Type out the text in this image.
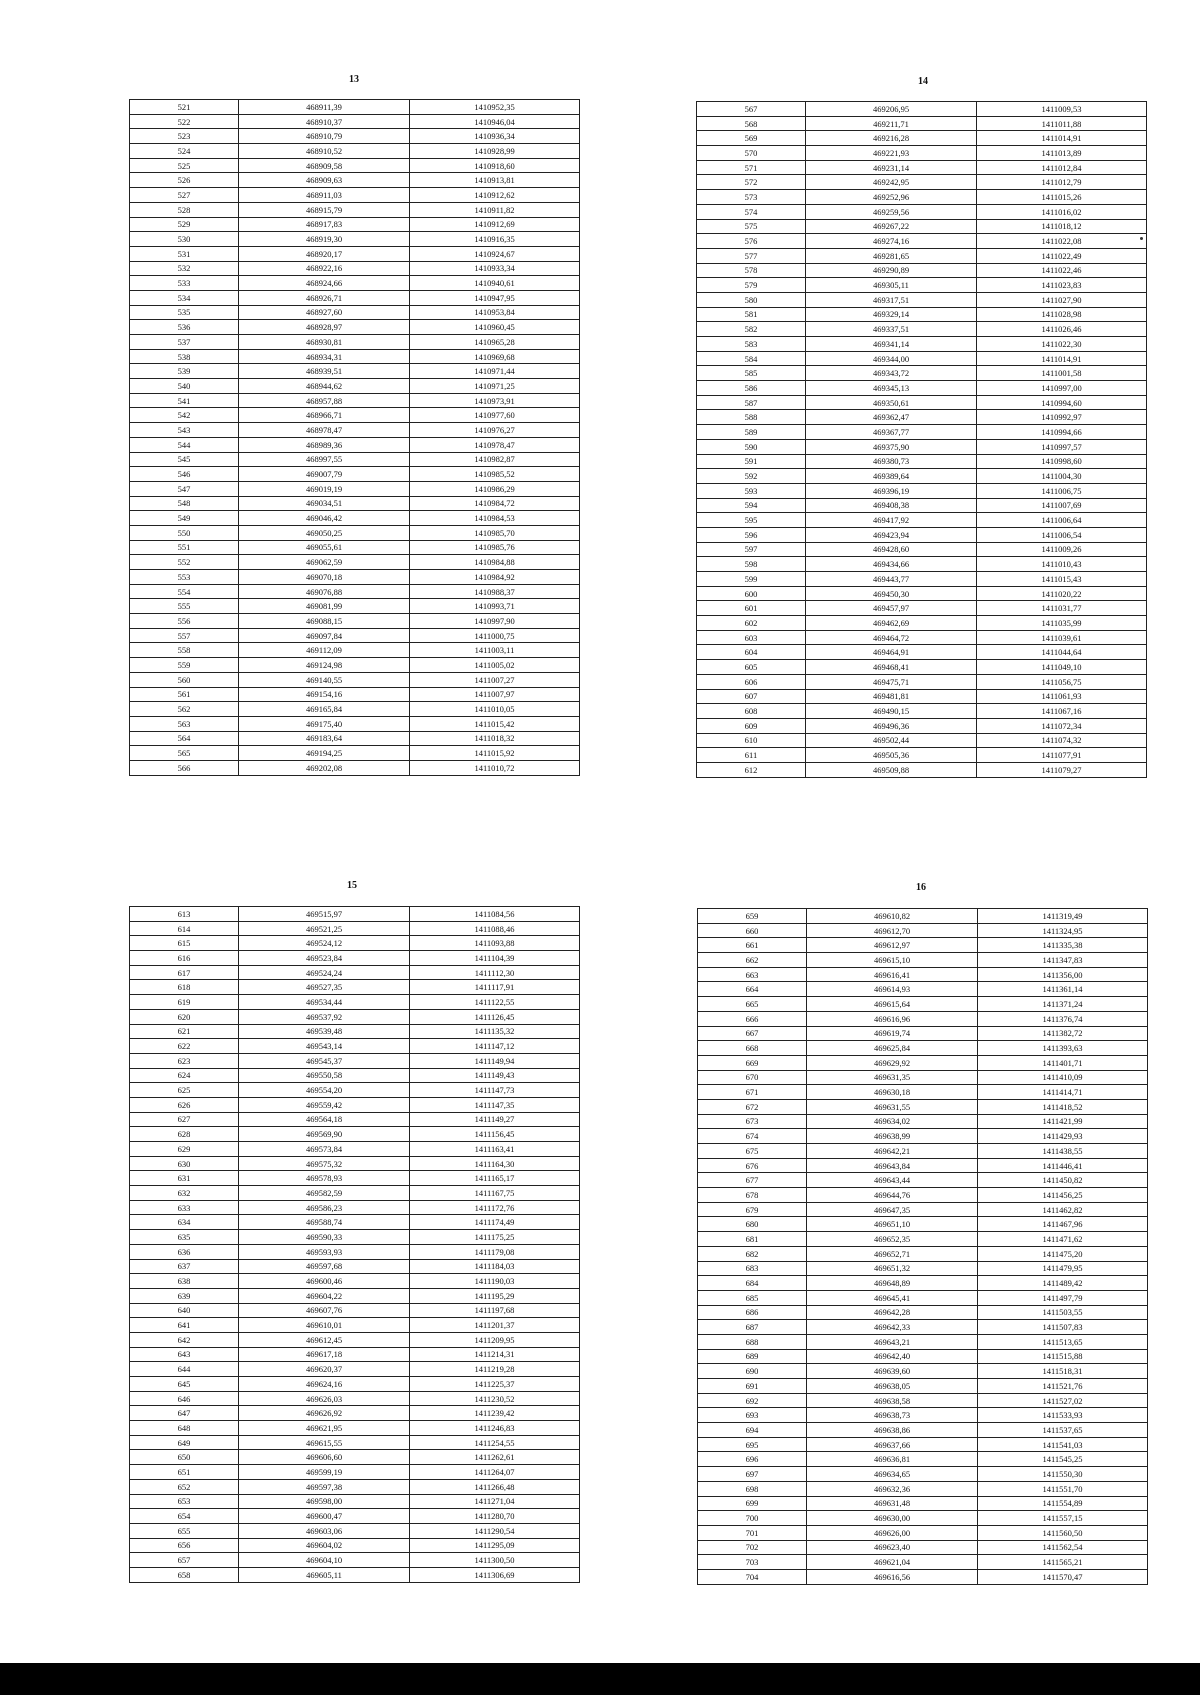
13
521	468911,39	1410952,35
522	468910,37	1410946,04
523	468910,79	1410936,34
524	468910,52	1410928,99
525	468909,58	1410918,60
526	468909,63	1410913,81
527	468911,03	1410912,62
528	468915,79	1410911,82
529	468917,83	1410912,69
530	468919,30	1410916,35
531	468920,17	1410924,67
532	468922,16	1410933,34
533	468924,66	1410940,61
534	468926,71	1410947,95
535	468927,60	1410953,84
536	468928,97	1410960,45
537	468930,81	1410965,28
538	468934,31	1410969,68
539	468939,51	1410971,44
540	468944,62	1410971,25
541	468957,88	1410973,91
542	468966,71	1410977,60
543	468978,47	1410976,27
544	468989,36	1410978,47
545	468997,55	1410982,87
546	469007,79	1410985,52
547	469019,19	1410986,29
548	469034,51	1410984,72
549	469046,42	1410984,53
550	469050,25	1410985,70
551	469055,61	1410985,76
552	469062,59	1410984,88
553	469070,18	1410984,92
554	469076,88	1410988,37
555	469081,99	1410993,71
556	469088,15	1410997,90
557	469097,84	1411000,75
558	469112,09	1411003,11
559	469124,98	1411005,02
560	469140,55	1411007,27
561	469154,16	1411007,97
562	469165,84	1411010,05
563	469175,40	1411015,42
564	469183,64	1411018,32
565	469194,25	1411015,92
566	469202,08	1411010,72
14
567	469206,95	1411009,53
568	469211,71	1411011,88
569	469216,28	1411014,91
570	469221,93	1411013,89
571	469231,14	1411012,84
572	469242,95	1411012,79
573	469252,96	1411015,26
574	469259,56	1411016,02
575	469267,22	1411018,12
576	469274,16	1411022,08
577	469281,65	1411022,49
578	469290,89	1411022,46
579	469305,11	1411023,83
580	469317,51	1411027,90
581	469329,14	1411028,98
582	469337,51	1411026,46
583	469341,14	1411022,30
584	469344,00	1411014,91
585	469343,72	1411001,58
586	469345,13	1410997,00
587	469350,61	1410994,60
588	469362,47	1410992,97
589	469367,77	1410994,66
590	469375,90	1410997,57
591	469380,73	1410998,60
592	469389,64	1411004,30
593	469396,19	1411006,75
594	469408,38	1411007,69
595	469417,92	1411006,64
596	469423,94	1411006,54
597	469428,60	1411009,26
598	469434,66	1411010,43
599	469443,77	1411015,43
600	469450,30	1411020,22
601	469457,97	1411031,77
602	469462,69	1411035,99
603	469464,72	1411039,61
604	469464,91	1411044,64
605	469468,41	1411049,10
606	469475,71	1411056,75
607	469481,81	1411061,93
608	469490,15	1411067,16
609	469496,36	1411072,34
610	469502,44	1411074,32
611	469505,36	1411077,91
612	469509,88	1411079,27
15
613	469515,97	1411084,56
614	469521,25	1411088,46
615	469524,12	1411093,88
616	469523,84	1411104,39
617	469524,24	1411112,30
618	469527,35	1411117,91
619	469534,44	1411122,55
620	469537,92	1411126,45
621	469539,48	1411135,32
622	469543,14	1411147,12
623	469545,37	1411149,94
624	469550,58	1411149,43
625	469554,20	1411147,73
626	469559,42	1411147,35
627	469564,18	1411149,27
628	469569,90	1411156,45
629	469573,84	1411163,41
630	469575,32	1411164,30
631	469578,93	1411165,17
632	469582,59	1411167,75
633	469586,23	1411172,76
634	469588,74	1411174,49
635	469590,33	1411175,25
636	469593,93	1411179,08
637	469597,68	1411184,03
638	469600,46	1411190,03
639	469604,22	1411195,29
640	469607,76	1411197,68
641	469610,01	1411201,37
642	469612,45	1411209,95
643	469617,18	1411214,31
644	469620,37	1411219,28
645	469624,16	1411225,37
646	469626,03	1411230,52
647	469626,92	1411239,42
648	469621,95	1411246,83
649	469615,55	1411254,55
650	469606,60	1411262,61
651	469599,19	1411264,07
652	469597,38	1411266,48
653	469598,00	1411271,04
654	469600,47	1411280,70
655	469603,06	1411290,54
656	469604,02	1411295,09
657	469604,10	1411300,50
658	469605,11	1411306,69
16
659	469610,82	1411319,49
660	469612,70	1411324,95
661	469612,97	1411335,38
662	469615,10	1411347,83
663	469616,41	1411356,00
664	469614,93	1411361,14
665	469615,64	1411371,24
666	469616,96	1411376,74
667	469619,74	1411382,72
668	469625,84	1411393,63
669	469629,92	1411401,71
670	469631,35	1411410,09
671	469630,18	1411414,71
672	469631,55	1411418,52
673	469634,02	1411421,99
674	469638,99	1411429,93
675	469642,21	1411438,55
676	469643,84	1411446,41
677	469643,44	1411450,82
678	469644,76	1411456,25
679	469647,35	1411462,82
680	469651,10	1411467,96
681	469652,35	1411471,62
682	469652,71	1411475,20
683	469651,32	1411479,95
684	469648,89	1411489,42
685	469645,41	1411497,79
686	469642,28	1411503,55
687	469642,33	1411507,83
688	469643,21	1411513,65
689	469642,40	1411515,88
690	469639,60	1411518,31
691	469638,05	1411521,76
692	469638,58	1411527,02
693	469638,73	1411533,93
694	469638,86	1411537,65
695	469637,66	1411541,03
696	469636,81	1411545,25
697	469634,65	1411550,30
698	469632,36	1411551,70
699	469631,48	1411554,89
700	469630,00	1411557,15
701	469626,00	1411560,50
702	469623,40	1411562,54
703	469621,04	1411565,21
704	469616,56	1411570,47
